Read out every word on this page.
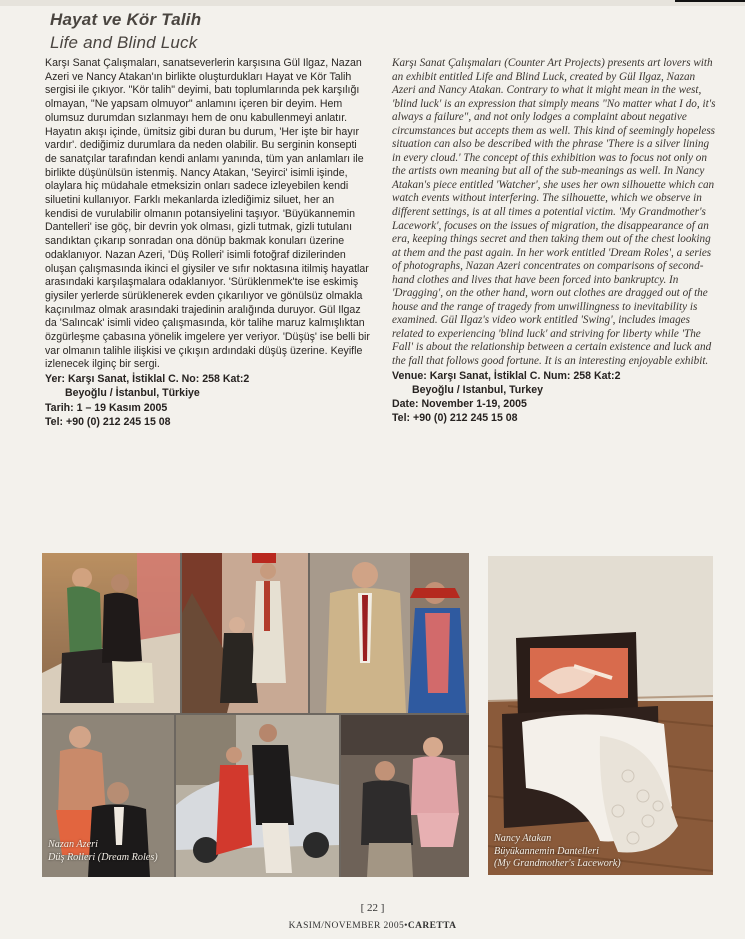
Hayat ve Kör Talih
Life and Blind Luck

Karşı Sanat Çalışmaları, sanatseverlerin karşısına Gül Ilgaz, Nazan Azeri ve Nancy Atakan'ın birlikte oluşturdukları Hayat ve Kör Talih sergisi ile çıkıyor. "Kör talih" deyimi, batı toplumlarında pek karşılığı olmayan, "Ne yapsam olmuyor" anlamını içeren bir deyim. Hem olumsuz durumdan sızlanmayı hem de onu kabullenmeyi anlatır. Hayatın akışı içinde, ümitsiz gibi duran bu durum, 'Her işte bir hayır vardır'. dediğimiz durumlara da neden olabilir. Bu serginin konsepti de sanatçılar tarafından kendi anlamı yanında, tüm yan anlamları ile birlikte düşünülsün istenmiş. Nancy Atakan, 'Seyirci' isimli işinde, olaylara hiç müdahale etmeksizin onları sadece izleyebilen kendi siluetini kullanıyor. Farklı mekanlarda izlediğimiz siluet, her an kendisi de vurulabilir olmanın potansiyelini taşıyor. 'Büyükannemin Dantelleri' ise göç, bir devrin yok olması, gizli tutmak, gizli tutulanı sandıktan çıkarıp sonradan ona dönüp bakmak konuları üzerine odaklanıyor. Nazan Azeri, 'Düş Rolleri' isimli fotoğraf dizilerinden oluşan çalışmasında ikinci el giysiler ve sıfır noktasına itilmiş hayatlar arasındaki karşılaşmalara odaklanıyor. 'Sürüklenmek'te ise eskimiş giysiler yerlerde sürüklenerek evden çıkarılıyor ve gönülsüz olmakla kaçınılmaz olmak arasındaki trajedinin aralığında duruyor. Gül Ilgaz da 'Salıncak' isimli video çalışmasında, kör talihe maruz kalmışlıktan özgürleşme çabasına yönelik imgelere yer veriyor. 'Düşüş' ise belli bir var olmanın talihle ilişkisi ve çıkışın ardındaki düşüş üzerine. Keyifle izlenecek ilginç bir sergi.

Yer: Karşı Sanat, İstiklal C. No: 258 Kat:2
Beyoğlu / İstanbul, Türkiye
Tarih: 1 – 19 Kasım 2005
Tel: +90 (0) 212 245 15 08

Karşı Sanat Çalışmaları (Counter Art Projects) presents art lovers with an exhibit entitled Life and Blind Luck, created by Gül Ilgaz, Nazan Azeri and Nancy Atakan. Contrary to what it might mean in the west, 'blind luck' is an expression that simply means "No matter what I do, it's always a failure", and not only lodges a complaint about negative circumstances but accepts them as well. This kind of seemingly hopeless situation can also be described with the phrase 'There is a silver lining in every cloud.' The concept of this exhibition was to focus not only on the artists own meaning but all of the sub-meanings as well. In Nancy Atakan's piece entitled 'Watcher', she uses her own silhouette which can watch events without interfering. The silhouette, which we observe in different settings, is at all times a potential victim. 'My Grandmother's Lacework', focuses on the issues of migration, the disappearance of an era, keeping things secret and then taking them out of the chest looking at them and the past again. In her work entitled 'Dream Roles', a series of photographs, Nazan Azeri concentrates on comparisons of second-hand clothes and lives that have been forced into bankruptcy. In 'Dragging', on the other hand, worn out clothes are dragged out of the house and the range of tragedy from unwillingness to inevitability is examined. Gül Ilgaz's video work entitled 'Swing', includes images related to experiencing 'blind luck' and striving for liberty while 'The Fall' is about the relationship between a certain existence and luck and the fall that follows good fortune. It is an interesting enjoyable exhibit.

Venue: Karşı Sanat, İstiklal C. Num: 258 Kat:2
Beyoğlu / Istanbul, Turkey
Date: November 1-19, 2005
Tel: +90 (0) 212 245 15 08
Nazan Azeri
Düş Rolleri (Dream Roles)
Nancy Atakan
Büyükannemin Dantelleri
(My Grandmother's Lacework)
[ 22 ]
KASIM/NOVEMBER 2005•CARETTA
